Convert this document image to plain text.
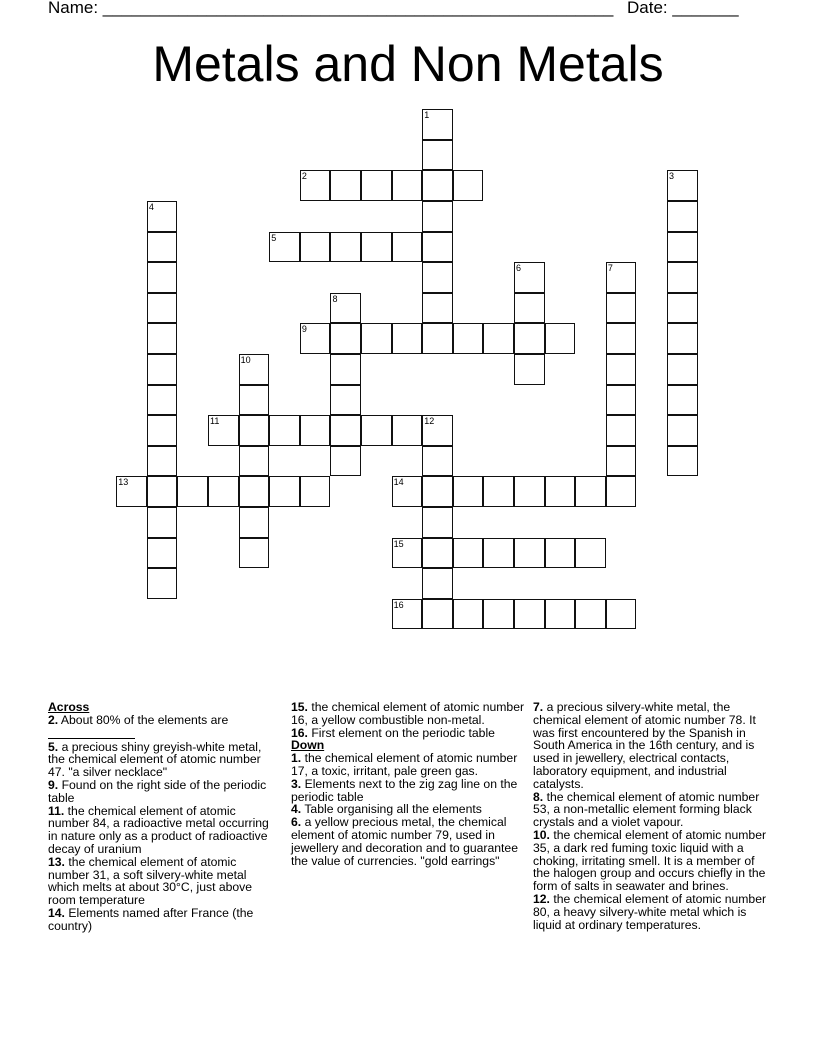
Name: ______________________________________________________ Date: _______
Metals and Non Metals
1
2	3
4
5
6	7
8
9
10
11	12
13	14
15
16

Across

2. About 80% of the elements are

5. a precious shiny greyish-white metal, the chemical element of atomic number 47. "a silver necklace"

9. Found on the right side of the periodic table

11. the chemical element of atomic number 84, a radioactive metal occurring in nature only as a product of radioactive decay of uranium

13. the chemical element of atomic number 31, a soft silvery-white metal which melts at about 30°C, just above room temperature

14. Elements named after France (the country)

15. the chemical element of atomic number 16, a yellow combustible non-metal.

16. First element on the periodic table

Down

1. the chemical element of atomic number 17, a toxic, irritant, pale green gas.

3. Elements next to the zig zag line on the periodic table

4. Table organising all the elements

6. a yellow precious metal, the chemical element of atomic number 79, used in jewellery and decoration and to guarantee the value of currencies. "gold earrings"

7. a precious silvery-white metal, the chemical element of atomic number 78. It was first encountered by the Spanish in South America in the 16th century, and is used in jewellery, electrical contacts, laboratory equipment, and industrial catalysts.

8. the chemical element of atomic number 53, a non-metallic element forming black crystals and a violet vapour.

10. the chemical element of atomic number 35, a dark red fuming toxic liquid with a choking, irritating smell. It is a member of the halogen group and occurs chiefly in the form of salts in seawater and brines.

12. the chemical element of atomic number 80, a heavy silvery-white metal which is liquid at ordinary temperatures.
